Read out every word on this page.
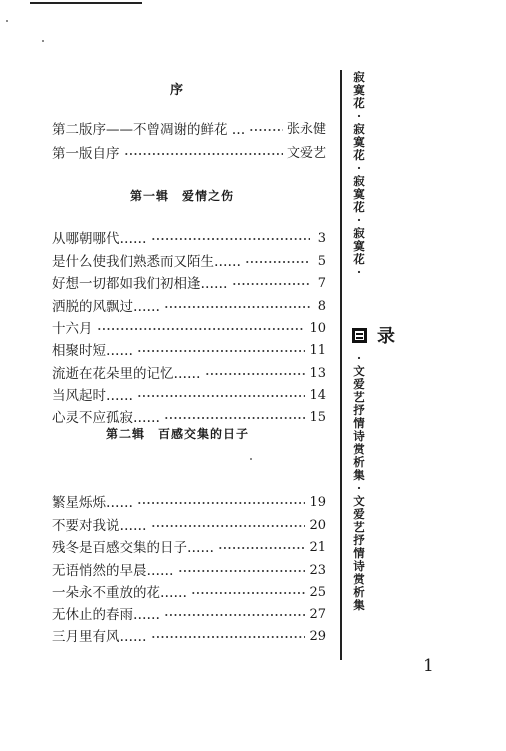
序
第二版序——不曾凋谢的鲜花 …	张永健
第一版自序	文爱艺
第一辑　爱情之伤
从哪朝哪代……	3
是什么使我们熟悉而又陌生……	5
好想一切都如我们初相逢……	7
洒脱的风飘过……	8
十六月	10
相聚时短……	11
流逝在花朵里的记忆……	13
当风起时……	14
心灵不应孤寂……	15
第二辑　百感交集的日子
繁星烁烁……	19
不要对我说……	20
残冬是百感交集的日子……	21
无语悄然的早晨……	23
一朵永不重放的花……	25
无休止的春雨……	27
三月里有风……	29
寂
寞
花
·
寂
寞
花
·
寂
寞
花
·
寂
寞
花
·
录
·
文
爱
艺
抒
情
诗
赏
析
集
·
文
爱
艺
抒
情
诗
赏
析
集
1
